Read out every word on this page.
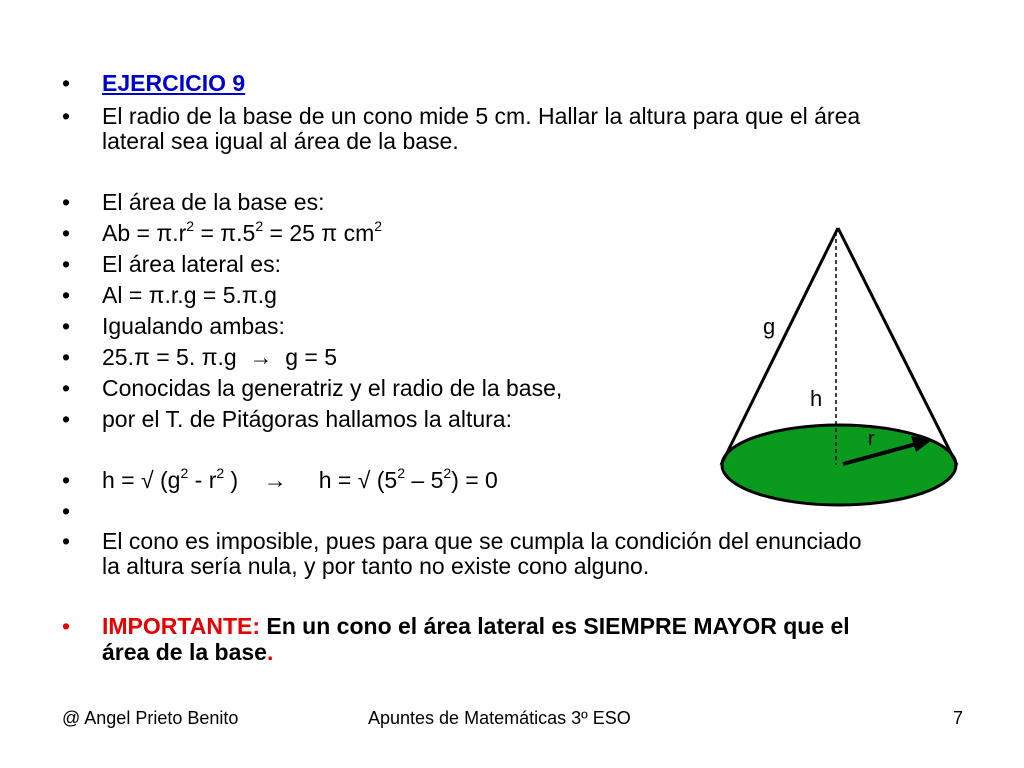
•
•
•
•
•
•
•
•
•
•
•
•
•
•
EJERCICIO 9
El radio de la base de un cono mide 5 cm. Hallar la altura para que el área
lateral sea igual al área de la base.
El área de la base es:
$Ab = \pi.r^2 = \pi.5^2 = 25$ π $cm^2$
El área lateral es:
Al = π.r.g = 5.π.g
Igualando ambas:
25.π = 5. π.g → g = 5
Conocidas la generatriz y el radio de la base,
por el T. de Pitágoras hallamos la altura:
h = √ ($g^2 - r^2$ ) → h = √ $(5^2 - 5^2) = 0$
El cono es imposible, pues para que se cumpla la condición del enunciado
la altura sería nula, y por tanto no existe cono alguno.
IMPORTANTE: En un cono el área lateral es SIEMPRE MAYOR que el
área de la base.
g
h
r
@ Angel Prieto Benito	Apuntes de Matemáticas 3º ESO	7
